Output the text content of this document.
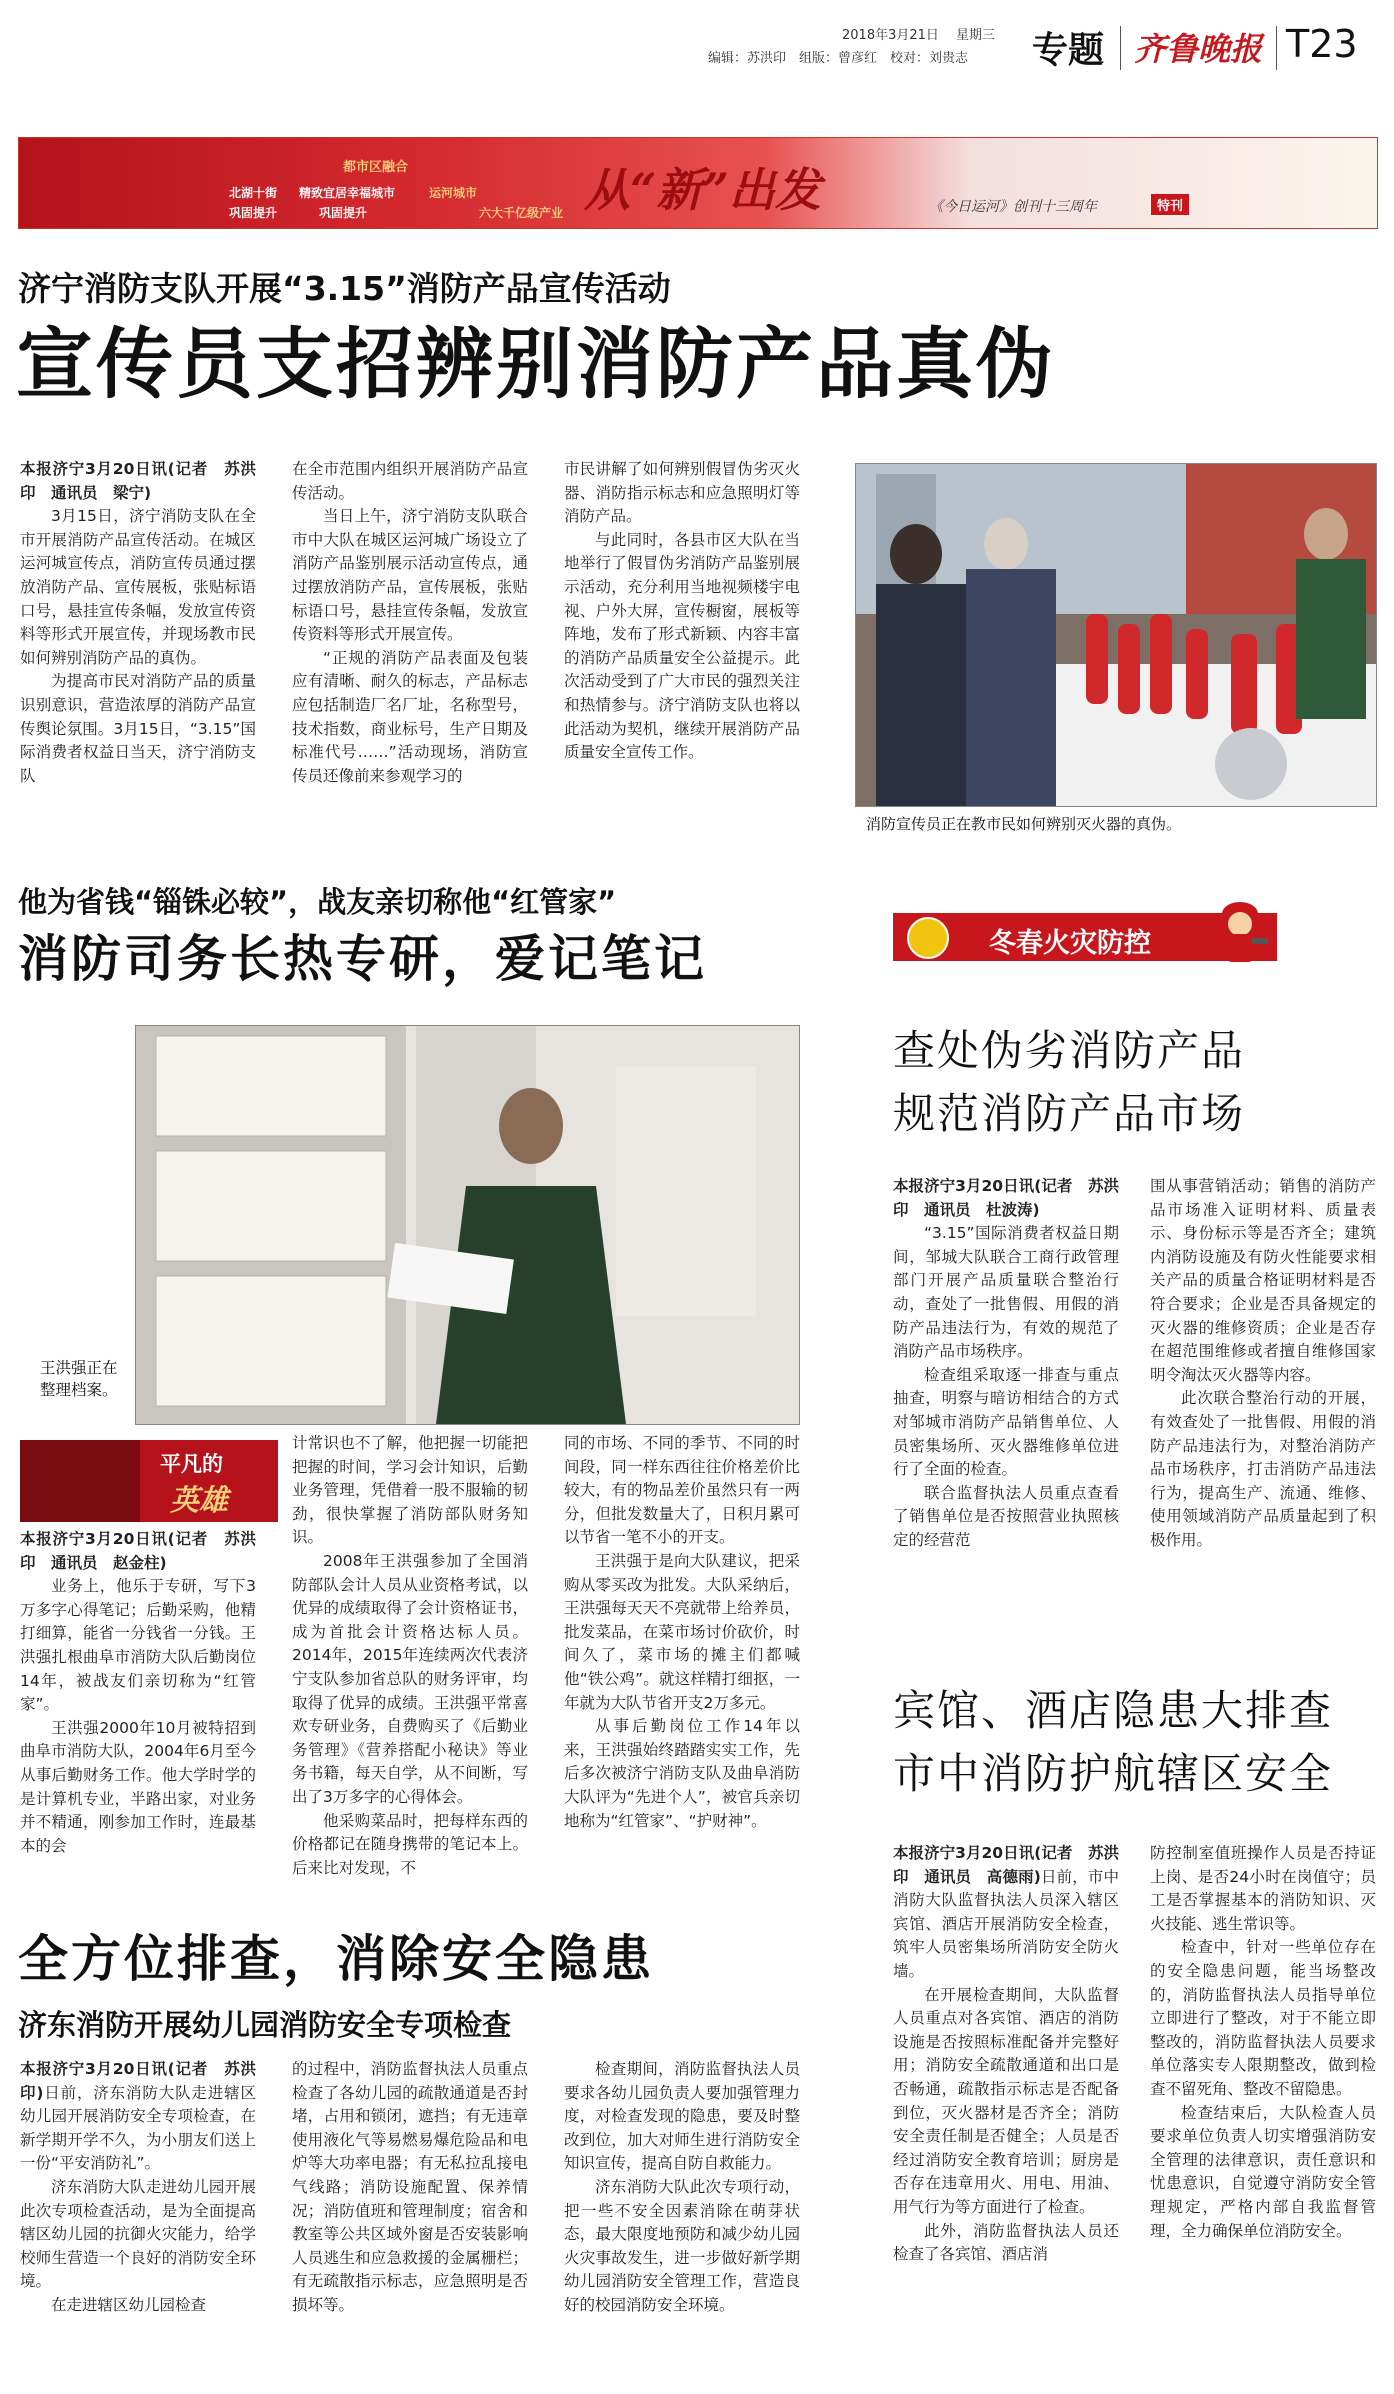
2018年3月21日　 星期三
编辑：苏洪印　组版：曾彦红　校对：刘贵志 专题 齐鲁晚报 T23
都市区融合
运河城市
精致宜居幸福城市
六大千亿级产业
巩固提升
北湖十街
巩固提升	从“新”出发	《今日运河》创刊十三周年	特刊
济宁消防支队开展“3.15”消防产品宣传活动
宣传员支招辨别消防产品真伪

本报济宁3月20日讯(记者　苏洪印　通讯员　梁宁)

3月15日，济宁消防支队在全市开展消防产品宣传活动。在城区运河城宣传点，消防宣传员通过摆放消防产品、宣传展板，张贴标语口号，悬挂宣传条幅，发放宣传资料等形式开展宣传，并现场教市民如何辨别消防产品的真伪。

为提高市民对消防产品的质量识别意识，营造浓厚的消防产品宣传舆论氛围。3月15日，“3.15”国际消费者权益日当天，济宁消防支队

在全市范围内组织开展消防产品宣传活动。

当日上午，济宁消防支队联合市中大队在城区运河城广场设立了消防产品鉴别展示活动宣传点，通过摆放消防产品，宣传展板，张贴标语口号，悬挂宣传条幅，发放宣传资料等形式开展宣传。

“正规的消防产品表面及包装应有清晰、耐久的标志，产品标志应包括制造厂名厂址，名称型号，技术指数，商业标号，生产日期及标准代号……”活动现场，消防宣传员还像前来参观学习的

市民讲解了如何辨别假冒伪劣灭火器、消防指示标志和应急照明灯等消防产品。

与此同时，各县市区大队在当地举行了假冒伪劣消防产品鉴别展示活动，充分利用当地视频楼宇电视、户外大屏，宣传橱窗，展板等阵地，发布了形式新颖、内容丰富的消防产品质量安全公益提示。此次活动受到了广大市民的强烈关注和热情参与。济宁消防支队也将以此活动为契机，继续开展消防产品质量安全宣传工作。

消防宣传员正在教市民如何辨别灭火器的真伪。
他为省钱“锱铢必较”，战友亲切称他“红管家”
消防司务长热专研，爱记笔记
王洪强正在整理档案。
平凡的
英雄

本报济宁3月20日讯(记者　苏洪印　通讯员　赵金柱)

业务上，他乐于专研，写下3万多字心得笔记；后勤采购，他精打细算，能省一分钱省一分钱。王洪强扎根曲阜市消防大队后勤岗位14年，被战友们亲切称为“红管家”。

王洪强2000年10月被特招到曲阜市消防大队，2004年6月至今从事后勤财务工作。他大学时学的是计算机专业，半路出家，对业务并不精通，刚参加工作时，连最基本的会

计常识也不了解，他把握一切能把把握的时间，学习会计知识，后勤业务管理，凭借着一股不服输的韧劲，很快掌握了消防部队财务知识。

2008年王洪强参加了全国消防部队会计人员从业资格考试，以优异的成绩取得了会计资格证书，成为首批会计资格达标人员。2014年，2015年连续两次代表济宁支队参加省总队的财务评审，均取得了优异的成绩。王洪强平常喜欢专研业务，自费购买了《后勤业务管理》《营养搭配小秘诀》等业务书籍，每天自学，从不间断，写出了3万多字的心得体会。

他采购菜品时，把每样东西的价格都记在随身携带的笔记本上。后来比对发现，不

同的市场、不同的季节、不同的时间段，同一样东西往往价格差价比较大，有的物品差价虽然只有一两分，但批发数量大了，日积月累可以节省一笔不小的开支。

王洪强于是向大队建议，把采购从零买改为批发。大队采纳后，王洪强每天天不亮就带上给养员，批发菜品，在菜市场讨价砍价，时间久了，菜市场的摊主们都喊他“铁公鸡”。就这样精打细抠，一年就为大队节省开支2万多元。

从事后勤岗位工作14年以来，王洪强始终踏踏实实工作，先后多次被济宁消防支队及曲阜消防大队评为“先进个人”，被官兵亲切地称为“红管家”、“护财神”。

全方位排查，消除安全隐患
济东消防开展幼儿园消防安全专项检查

本报济宁3月20日讯(记者　苏洪印)日前，济东消防大队走进辖区幼儿园开展消防安全专项检查，在新学期开学不久，为小朋友们送上一份“平安消防礼”。

济东消防大队走进幼儿园开展此次专项检查活动，是为全面提高辖区幼儿园的抗御火灾能力，给学校师生营造一个良好的消防安全环境。

在走进辖区幼儿园检查

的过程中，消防监督执法人员重点检查了各幼儿园的疏散通道是否封堵，占用和锁闭，遮挡；有无违章使用液化气等易燃易爆危险品和电炉等大功率电器；有无私拉乱接电气线路；消防设施配置、保养情况；消防值班和管理制度；宿舍和教室等公共区域外窗是否安装影响人员逃生和应急救援的金属栅栏；有无疏散指示标志，应急照明是否损坏等。

检查期间，消防监督执法人员要求各幼儿园负责人要加强管理力度，对检查发现的隐患，要及时整改到位，加大对师生进行消防安全知识宣传，提高自防自救能力。

济东消防大队此次专项行动，把一些不安全因素消除在萌芽状态，最大限度地预防和减少幼儿园火灾事故发生，进一步做好新学期幼儿园消防安全管理工作，营造良好的校园消防安全环境。

冬春火灾防控
查处伪劣消防产品
规范消防产品市场

本报济宁3月20日讯(记者　苏洪印　通讯员　杜波涛)

“3.15”国际消费者权益日期间，邹城大队联合工商行政管理部门开展产品质量联合整治行动，查处了一批售假、用假的消防产品违法行为，有效的规范了消防产品市场秩序。

检查组采取逐一排查与重点抽查，明察与暗访相结合的方式对邹城市消防产品销售单位、人员密集场所、灭火器维修单位进行了全面的检查。

联合监督执法人员重点查看了销售单位是否按照营业执照核定的经营范

围从事营销活动；销售的消防产品市场准入证明材料、质量表示、身份标示等是否齐全；建筑内消防设施及有防火性能要求相关产品的质量合格证明材料是否符合要求；企业是否具备规定的灭火器的维修资质；企业是否存在超范围维修或者擅自维修国家明令淘汰灭火器等内容。

此次联合整治行动的开展，有效查处了一批售假、用假的消防产品违法行为，对整治消防产品市场秩序，打击消防产品违法行为，提高生产、流通、维修、使用领域消防产品质量起到了积极作用。

宾馆、酒店隐患大排查
市中消防护航辖区安全

本报济宁3月20日讯(记者　苏洪印　通讯员　高德雨)日前，市中消防大队监督执法人员深入辖区宾馆、酒店开展消防安全检查，筑牢人员密集场所消防安全防火墙。

在开展检查期间，大队监督人员重点对各宾馆、酒店的消防设施是否按照标准配备并完整好用；消防安全疏散通道和出口是否畅通，疏散指示标志是否配备到位，灭火器材是否齐全；消防安全责任制是否健全；人员是否经过消防安全教育培训；厨房是否存在违章用火、用电、用油、用气行为等方面进行了检查。

此外，消防监督执法人员还检查了各宾馆、酒店消

防控制室值班操作人员是否持证上岗、是否24小时在岗值守；员工是否掌握基本的消防知识、灭火技能、逃生常识等。

检查中，针对一些单位存在的安全隐患问题，能当场整改的，消防监督执法人员指导单位立即进行了整改，对于不能立即整改的，消防监督执法人员要求单位落实专人限期整改，做到检查不留死角、整改不留隐患。

检查结束后，大队检查人员要求单位负责人切实增强消防安全管理的法律意识，责任意识和忧患意识，自觉遵守消防安全管理规定，严格内部自我监督管理，全力确保单位消防安全。
